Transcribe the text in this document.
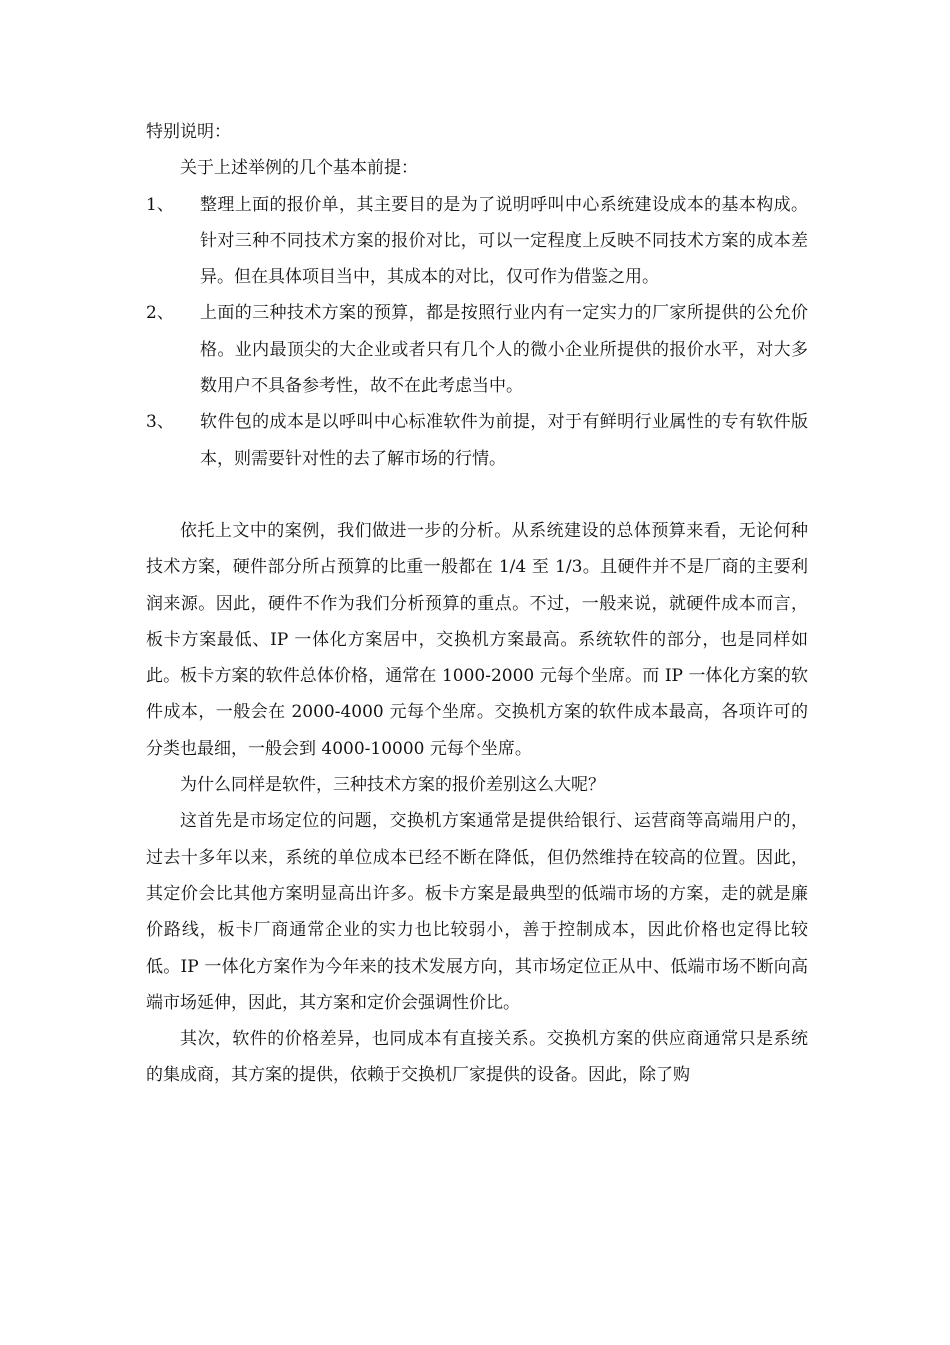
特别说明：

关于上述举例的几个基本前提：

1、 整理上面的报价单，其主要目的是为了说明呼叫中心系统建设成本的基本构成。针对三种不同技术方案的报价对比，可以一定程度上反映不同技术方案的成本差异。但在具体项目当中，其成本的对比，仅可作为借鉴之用。
2、 上面的三种技术方案的预算，都是按照行业内有一定实力的厂家所提供的公允价格。业内最顶尖的大企业或者只有几个人的微小企业所提供的报价水平，对大多数用户不具备参考性，故不在此考虑当中。
3、 软件包的成本是以呼叫中心标准软件为前提，对于有鲜明行业属性的专有软件版本，则需要针对性的去了解市场的行情。

依托上文中的案例，我们做进一步的分析。从系统建设的总体预算来看，无论何种技术方案，硬件部分所占预算的比重一般都在 1/4 至 1/3。且硬件并不是厂商的主要利润来源。因此，硬件不作为我们分析预算的重点。不过，一般来说，就硬件成本而言，板卡方案最低、IP 一体化方案居中，交换机方案最高。系统软件的部分，也是同样如此。板卡方案的软件总体价格，通常在 1000-2000 元每个坐席。而 IP 一体化方案的软件成本，一般会在 2000-4000 元每个坐席。交换机方案的软件成本最高，各项许可的分类也最细，一般会到 4000-10000 元每个坐席。

为什么同样是软件，三种技术方案的报价差别这么大呢？

这首先是市场定位的问题，交换机方案通常是提供给银行、运营商等高端用户的，过去十多年以来，系统的单位成本已经不断在降低，但仍然维持在较高的位置。因此，其定价会比其他方案明显高出许多。板卡方案是最典型的低端市场的方案，走的就是廉价路线，板卡厂商通常企业的实力也比较弱小，善于控制成本，因此价格也定得比较低。IP 一体化方案作为今年来的技术发展方向，其市场定位正从中、低端市场不断向高端市场延伸，因此，其方案和定价会强调性价比。

其次，软件的价格差异，也同成本有直接关系。交换机方案的供应商通常只是系统的集成商，其方案的提供，依赖于交换机厂家提供的设备。因此，除了购
